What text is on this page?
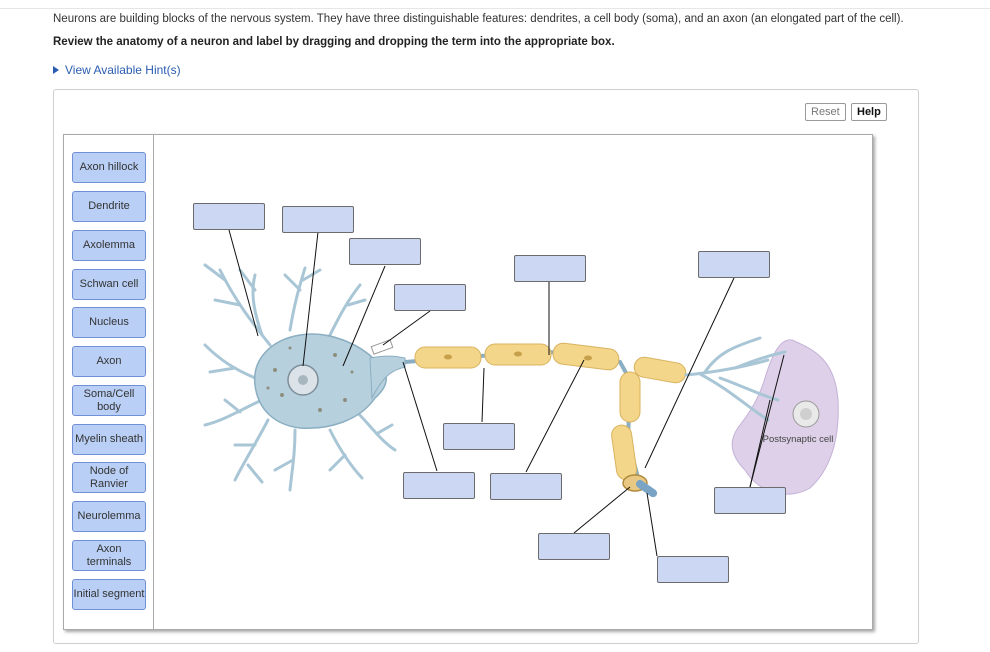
Neurons are building blocks of the nervous system. They have three distinguishable features: dendrites, a cell body (soma), and an axon (an elongated part of the cell).
Review the anatomy of a neuron and label by dragging and dropping the term into the appropriate box.
View Available Hint(s)
Reset	Help
Axon hillock
Dendrite
Axolemma
Schwan cell
Nucleus
Axon
Soma/Cell body
Myelin sheath
Node of Ranvier
Neurolemma
Axon terminals
Initial segment
Postsynaptic cell
